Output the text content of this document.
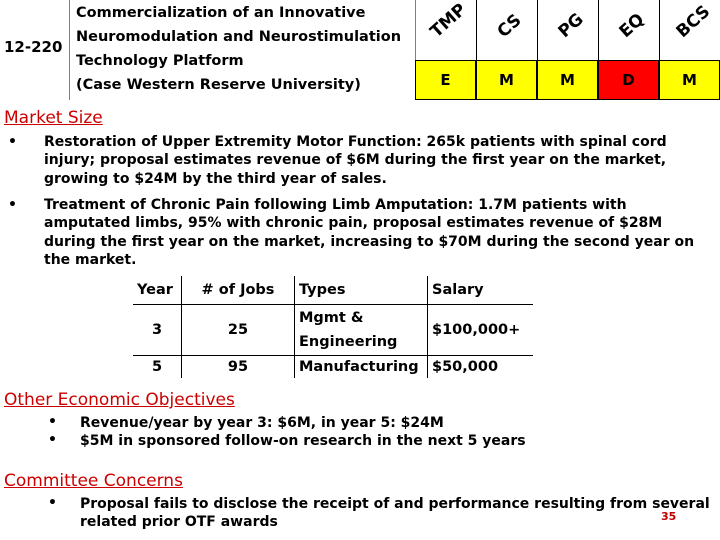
12-220
Commercialization of an Innovative
Neuromodulation and Neurostimulation
Technology Platform
(Case Western Reserve University)
TMP CS PG EQ BCS
E	M	M	D	M
Market Size
• Restoration of Upper Extremity Motor Function: 265k patients with spinal cord injury; proposal estimates revenue of $6M during the first year on the market, growing to $24M by the third year of sales.
• Treatment of Chronic Pain following Limb Amputation: 1.7M patients with amputated limbs, 95% with chronic pain, proposal estimates revenue of $28M during the first year on the market, increasing to $70M during the second year on the market.
Year	# of Jobs	Types	Salary
3	25	Mgmt & Engineering	$100,000+
5	95	Manufacturing	$50,000
Other Economic Objectives
• Revenue/year by year 3: $6M, in year 5: $24M
• $5M in sponsored follow-on research in the next 5 years
Committee Concerns
• Proposal fails to disclose the receipt of and performance resulting from several related prior OTF awards	35
